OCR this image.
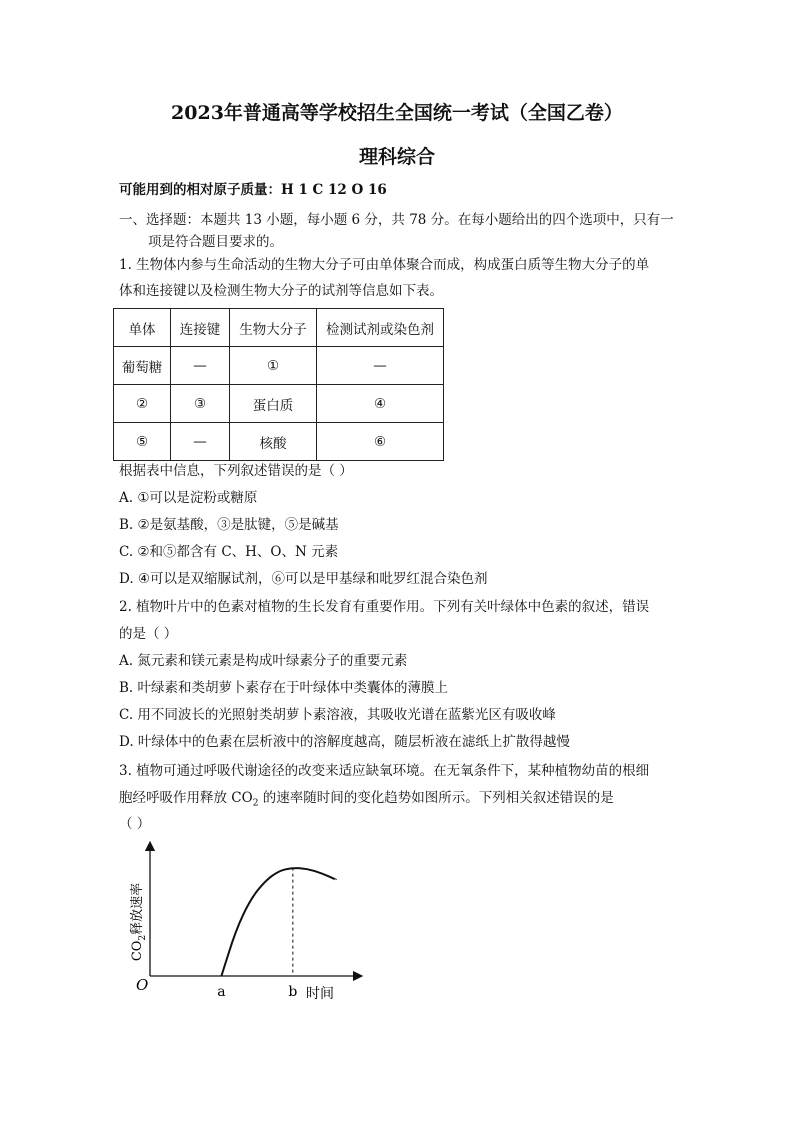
2023年普通高等学校招生全国统一考试（全国乙卷）
理科综合
可能用到的相对原子质量：H 1 C 12 O 16
一、选择题：本题共 13 小题，每小题 6 分，共 78 分。在每小题给出的四个选项中，只有一
项是符合题目要求的。
1. 生物体内参与生命活动的生物大分子可由单体聚合而成，构成蛋白质等生物大分子的单
体和连接键以及检测生物大分子的试剂等信息如下表。
单体	连接键	生物大分子	检测试剂或染色剂
葡萄糖	—	①	—
②	③	蛋白质	④
⑤	—	核酸	⑥
根据表中信息，下列叙述错误的是（ ）
A. ①可以是淀粉或糖原
B. ②是氨基酸，③是肽键，⑤是碱基
C. ②和⑤都含有 C、H、O、N 元素
D. ④可以是双缩脲试剂，⑥可以是甲基绿和吡罗红混合染色剂
2. 植物叶片中的色素对植物的生长发育有重要作用。下列有关叶绿体中色素的叙述，错误
的是（ ）
A. 氮元素和镁元素是构成叶绿素分子的重要元素
B. 叶绿素和类胡萝卜素存在于叶绿体中类囊体的薄膜上
C. 用不同波长的光照射类胡萝卜素溶液，其吸收光谱在蓝紫光区有吸收峰
D. 叶绿体中的色素在层析液中的溶解度越高，随层析液在滤纸上扩散得越慢
3. 植物可通过呼吸代谢途径的改变来适应缺氧环境。在无氧条件下，某种植物幼苗的根细
胞经呼吸作用释放 $CO_2$ 的速率随时间的变化趋势如图所示。下列相关叙述错误的是
（ ）
O	a	b 时间
$CO_2$释放速率
